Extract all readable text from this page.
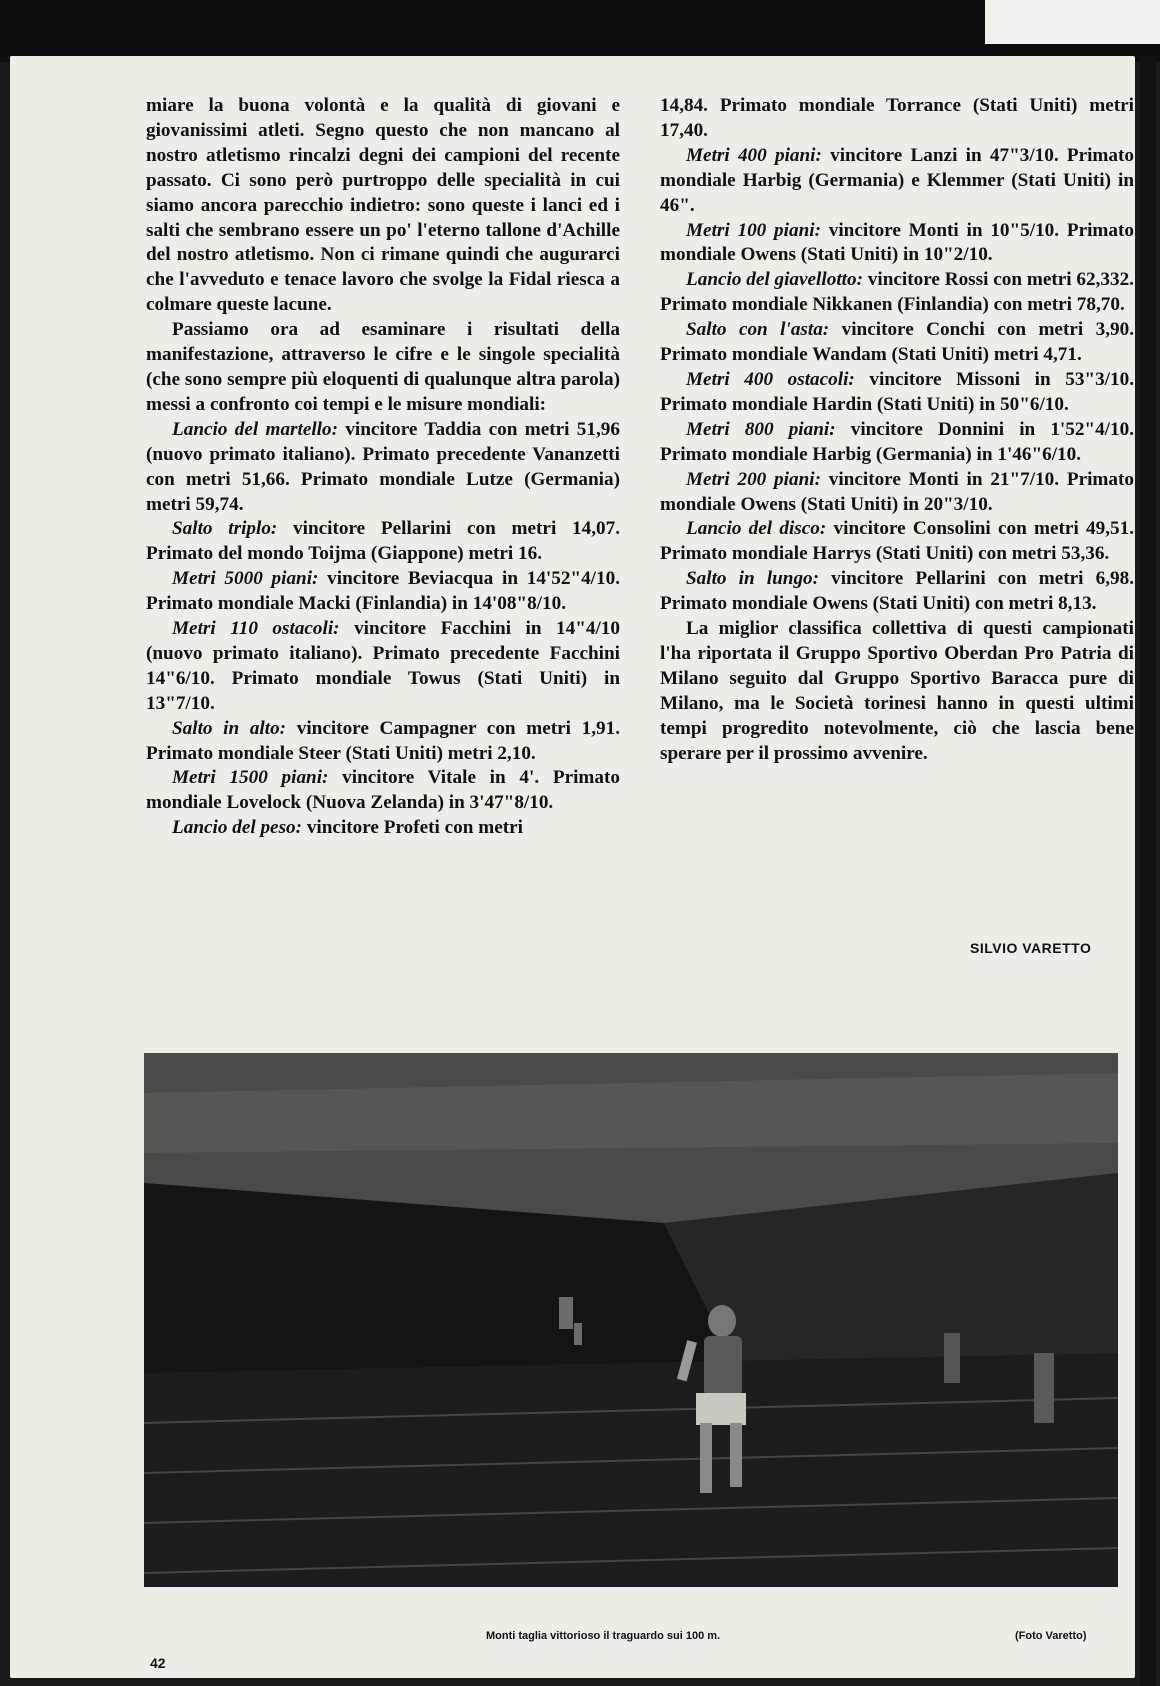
miare la buona volontà e la qualità di giovani e giovanissimi atleti. Segno questo che non mancano al nostro atletismo rincalzi degni dei campioni del recente passato. Ci sono però purtroppo delle specialità in cui siamo ancora parecchio indietro: sono queste i lanci ed i salti che sembrano essere un po' l'eterno tallone d'Achille del nostro atletismo. Non ci rimane quindi che augurarci che l'avveduto e tenace lavoro che svolge la Fidal riesca a colmare queste lacune.

Passiamo ora ad esaminare i risultati della manifestazione, attraverso le cifre e le singole specialità (che sono sempre più eloquenti di qualunque altra parola) messi a confronto coi tempi e le misure mondiali:

Lancio del martello: vincitore Taddia con metri 51,96 (nuovo primato italiano). Primato precedente Vananzetti con metri 51,66. Primato mondiale Lutze (Germania) metri 59,74.

Salto triplo: vincitore Pellarini con metri 14,07. Primato del mondo Toijma (Giappone) metri 16.

Metri 5000 piani: vincitore Beviacqua in 14'52"4/10. Primato mondiale Macki (Finlandia) in 14'08"8/10.

Metri 110 ostacoli: vincitore Facchini in 14"4/10 (nuovo primato italiano). Primato precedente Facchini 14"6/10. Primato mondiale Towus (Stati Uniti) in 13"7/10.

Salto in alto: vincitore Campagner con metri 1,91. Primato mondiale Steer (Stati Uniti) metri 2,10.

Metri 1500 piani: vincitore Vitale in 4'. Primato mondiale Lovelock (Nuova Zelanda) in 3'47"8/10.

Lancio del peso: vincitore Profeti con metri

14,84. Primato mondiale Torrance (Stati Uniti) metri 17,40.

Metri 400 piani: vincitore Lanzi in 47"3/10. Primato mondiale Harbig (Germania) e Klemmer (Stati Uniti) in 46".

Metri 100 piani: vincitore Monti in 10"5/10. Primato mondiale Owens (Stati Uniti) in 10"2/10.

Lancio del giavellotto: vincitore Rossi con metri 62,332. Primato mondiale Nikkanen (Finlandia) con metri 78,70.

Salto con l'asta: vincitore Conchi con metri 3,90. Primato mondiale Wandam (Stati Uniti) metri 4,71.

Metri 400 ostacoli: vincitore Missoni in 53"3/10. Primato mondiale Hardin (Stati Uniti) in 50"6/10.

Metri 800 piani: vincitore Donnini in 1'52"4/10. Primato mondiale Harbig (Germania) in 1'46"6/10.

Metri 200 piani: vincitore Monti in 21"7/10. Primato mondiale Owens (Stati Uniti) in 20"3/10.

Lancio del disco: vincitore Consolini con metri 49,51. Primato mondiale Harrys (Stati Uniti) con metri 53,36.

Salto in lungo: vincitore Pellarini con metri 6,98. Primato mondiale Owens (Stati Uniti) con metri 8,13.

La miglior classifica collettiva di questi campionati l'ha riportata il Gruppo Sportivo Oberdan Pro Patria di Milano seguito dal Gruppo Sportivo Baracca pure di Milano, ma le Società torinesi hanno in questi ultimi tempi progredito notevolmente, ciò che lascia bene sperare per il prossimo avvenire.

SILVIO VARETTO
Monti taglia vittorioso il traguardo sui 100 m.	(Foto Varetto)
42
